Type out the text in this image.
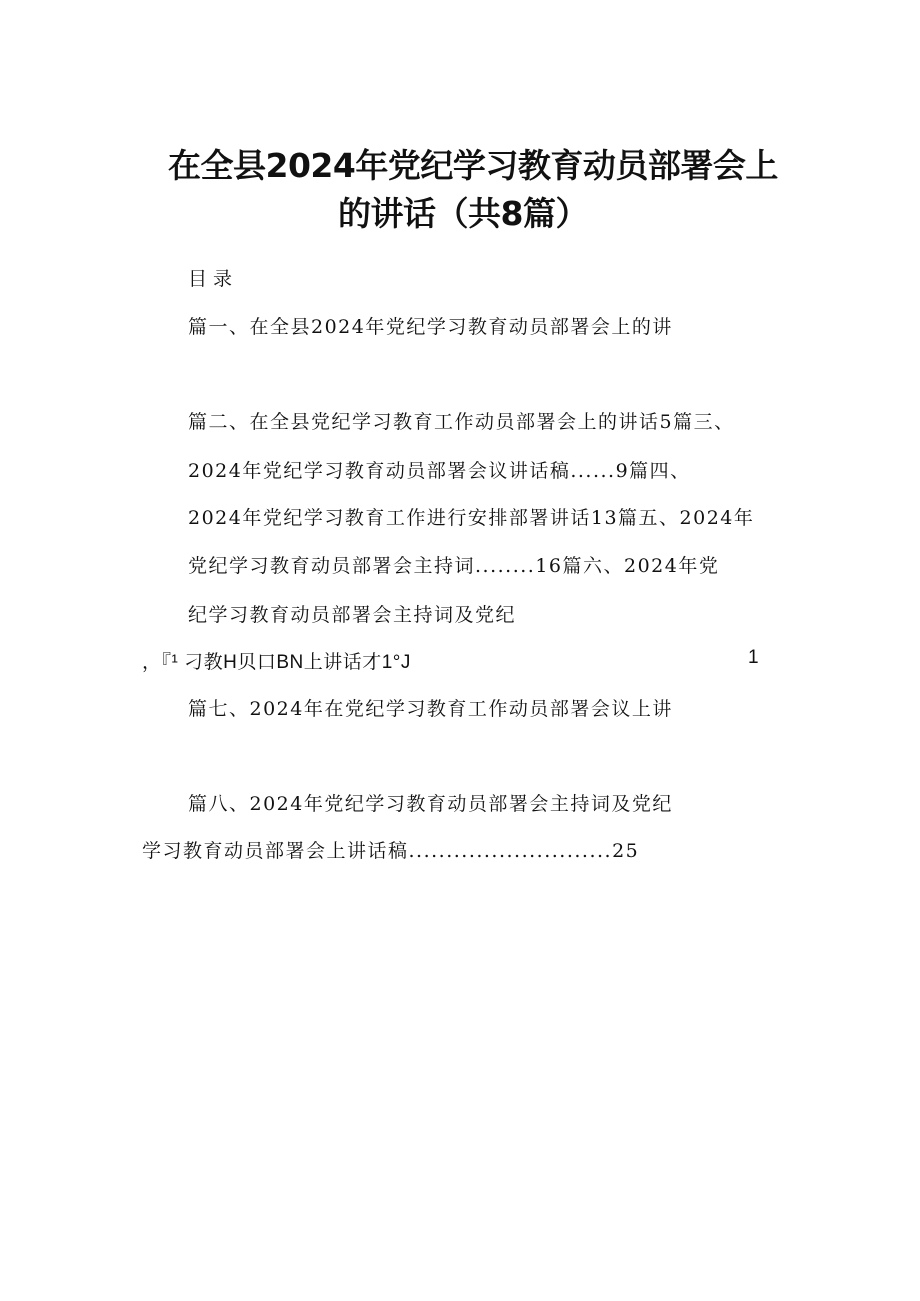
在全县2024年党纪学习教育动员部署会上
的讲话（共8篇）
目录
篇一、在全县2024年党纪学习教育动员部署会上的讲
篇二、在全县党纪学习教育工作动员部署会上的讲话5篇三、
2024年党纪学习教育动员部署会议讲话稿......9篇四、
2024年党纪学习教育工作进行安排部署讲话13篇五、2024年
党纪学习教育动员部署会主持词........16篇六、2024年党
纪学习教育动员部署会主持词及党纪
，『¹ 刁教H贝口BN上讲话才1°J	1
篇七、2024年在党纪学习教育工作动员部署会议上讲
篇八、2024年党纪学习教育动员部署会主持词及党纪
学习教育动员部署会上讲话稿...........................25
